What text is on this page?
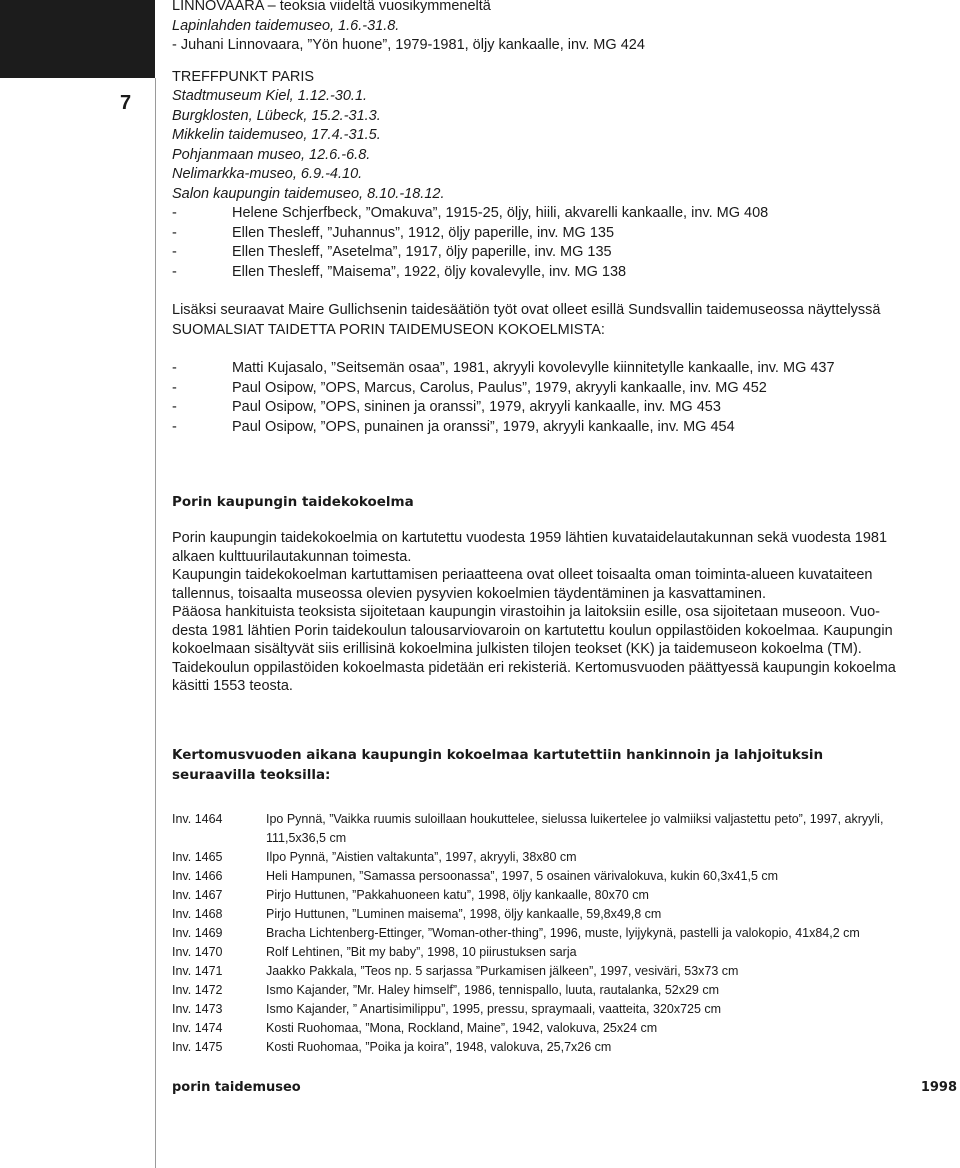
7
LINNOVAARA – teoksia viideltä vuosikymmeneltä
Lapinlahden taidemuseo, 1.6.-31.8.
- Juhani Linnovaara, ”Yön huone”, 1979-1981, öljy kankaalle, inv. MG 424
TREFFPUNKT PARIS
Stadtmuseum Kiel, 1.12.-30.1.
Burgklosten, Lübeck, 15.2.-31.3.
Mikkelin taidemuseo, 17.4.-31.5.
Pohjanmaan museo, 12.6.-6.8.
Nelimarkka-museo, 6.9.-4.10.
Salon kaupungin taidemuseo, 8.10.-18.12.
-	Helene Schjerfbeck, ”Omakuva”, 1915-25, öljy, hiili, akvarelli kankaalle, inv. MG 408
-	Ellen Thesleff, ”Juhannus”, 1912, öljy paperille, inv. MG 135
-	Ellen Thesleff, ”Asetelma”, 1917, öljy paperille, inv. MG 135
-	Ellen Thesleff, ”Maisema”, 1922, öljy kovalevylle, inv. MG 138
Lisäksi seuraavat Maire Gullichsenin taidesäätiön työt ovat olleet esillä Sundsvallin taidemuseossa näyttelyssä
SUOMALSIAT TAIDETTA PORIN TAIDEMUSEON KOKOELMISTA:
-	Matti Kujasalo, ”Seitsemän osaa”, 1981, akryyli kovolevylle kiinnitetylle kankaalle, inv. MG 437
-	Paul Osipow, ”OPS, Marcus, Carolus, Paulus”, 1979, akryyli kankaalle, inv. MG 452
-	Paul Osipow, ”OPS, sininen ja oranssi”, 1979, akryyli kankaalle, inv. MG 453
-	Paul Osipow, ”OPS, punainen ja oranssi”, 1979, akryyli kankaalle, inv. MG 454
Porin kaupungin taidekokoelma
Porin kaupungin taidekokoelmia on kartutettu vuodesta 1959 lähtien kuvataidelautakunnan sekä vuodesta 1981
alkaen kulttuurilautakunnan toimesta.
Kaupungin taidekokoelman kartuttamisen periaatteena ovat olleet toisaalta oman toiminta-alueen kuvataiteen
tallennus, toisaalta museossa olevien pysyvien kokoelmien täydentäminen ja kasvattaminen.
Pääosa hankituista teoksista sijoitetaan kaupungin virastoihin ja laitoksiin esille, osa sijoitetaan museoon. Vuo-
desta 1981 lähtien Porin taidekoulun talousarviovaroin on kartutettu koulun oppilastöiden kokoelmaa. Kaupungin
kokoelmaan sisältyvät siis erillisinä kokoelmina julkisten tilojen teokset (KK) ja taidemuseon kokoelma (TM).
Taidekoulun oppilastöiden kokoelmasta pidetään eri rekisteriä. Kertomusvuoden päättyessä kaupungin kokoelma
käsitti 1553 teosta.
Kertomusvuoden aikana kaupungin kokoelmaa kartutettiin hankinnoin ja lahjoituksin
seuraavilla teoksilla:
Inv. 1464	Ipo Pynnä, ”Vaikka ruumis suloillaan houkuttelee, sielussa luikertelee jo valmiiksi valjastettu peto”, 1997, akryyli,
111,5x36,5 cm
Inv. 1465	Ilpo Pynnä, ”Aistien valtakunta”, 1997, akryyli, 38x80 cm
Inv. 1466	Heli Hampunen, ”Samassa persoonassa”, 1997, 5 osainen värivalokuva, kukin 60,3x41,5 cm
Inv. 1467	Pirjo Huttunen, ”Pakkahuoneen katu”, 1998, öljy kankaalle, 80x70 cm
Inv. 1468	Pirjo Huttunen, ”Luminen maisema”, 1998, öljy kankaalle, 59,8x49,8 cm
Inv. 1469	Bracha Lichtenberg-Ettinger, ”Woman-other-thing”, 1996, muste, lyijykynä, pastelli ja valokopio, 41x84,2 cm
Inv. 1470	Rolf Lehtinen, ”Bit my baby”, 1998, 10 piirustuksen sarja
Inv. 1471	Jaakko Pakkala, ”Teos np. 5 sarjassa ”Purkamisen jälkeen”, 1997, vesiväri, 53x73 cm
Inv. 1472	Ismo Kajander, ”Mr. Haley himself”, 1986, tennispallo, luuta, rautalanka, 52x29 cm
Inv. 1473	Ismo Kajander, ” Anartisimilippu”, 1995, pressu, spraymaali, vaatteita, 320x725 cm
Inv. 1474	Kosti Ruohomaa, ”Mona, Rockland, Maine”, 1942, valokuva, 25x24 cm
Inv. 1475	Kosti Ruohomaa, ”Poika ja koira”, 1948, valokuva, 25,7x26 cm
porin taidemuseo	1998
